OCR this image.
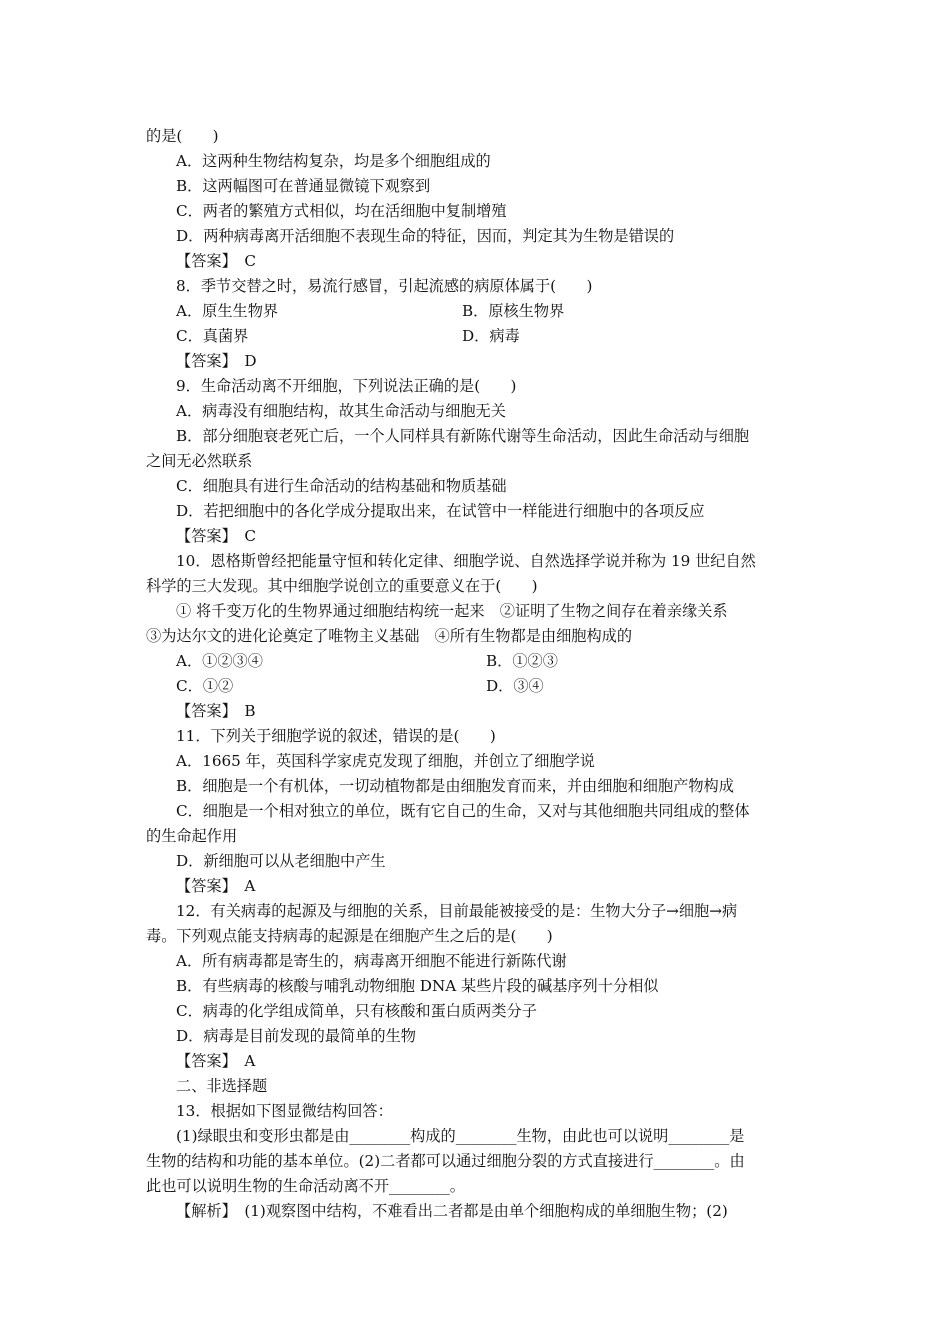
的是(　　)
A．这两种生物结构复杂，均是多个细胞组成的
B．这两幅图可在普通显微镜下观察到
C．两者的繁殖方式相似，均在活细胞中复制增殖
D．两种病毒离开活细胞不表现生命的特征，因而，判定其为生物是错误的
【答案】　C
8．季节交替之时，易流行感冒，引起流感的病原体属于(　　)
A．原生生物界	B．原核生物界
C．真菌界	D．病毒
【答案】　D
9．生命活动离不开细胞，下列说法正确的是(　　)
A．病毒没有细胞结构，故其生命活动与细胞无关
B．部分细胞衰老死亡后，一个人同样具有新陈代谢等生命活动，因此生命活动与细胞
之间无必然联系
C．细胞具有进行生命活动的结构基础和物质基础
D．若把细胞中的各化学成分提取出来，在试管中一样能进行细胞中的各项反应
【答案】　C
10．恩格斯曾经把能量守恒和转化定律、细胞学说、自然选择学说并称为 19 世纪自然
科学的三大发现。其中细胞学说创立的重要意义在于(　　)
① 将千变万化的生物界通过细胞结构统一起来　②证明了生物之间存在着亲缘关系
③为达尔文的进化论奠定了唯物主义基础　④所有生物都是由细胞构成的
A．①②③④	B．①②③
C．①②	D．③④
【答案】　B
11．下列关于细胞学说的叙述，错误的是(　　)
A．1665 年，英国科学家虎克发现了细胞，并创立了细胞学说
B．细胞是一个有机体，一切动植物都是由细胞发育而来，并由细胞和细胞产物构成
C．细胞是一个相对独立的单位，既有它自己的生命，又对与其他细胞共同组成的整体
的生命起作用
D．新细胞可以从老细胞中产生
【答案】　A
12．有关病毒的起源及与细胞的关系，目前最能被接受的是：生物大分子→细胞→病
毒。下列观点能支持病毒的起源是在细胞产生之后的是(　　)
A．所有病毒都是寄生的，病毒离开细胞不能进行新陈代谢
B．有些病毒的核酸与哺乳动物细胞 DNA 某些片段的碱基序列十分相似
C．病毒的化学组成简单，只有核酸和蛋白质两类分子
D．病毒是目前发现的最简单的生物
【答案】　A
二、非选择题
13．根据如下图显微结构回答：
(1)绿眼虫和变形虫都是由________构成的________生物，由此也可以说明________是
生物的结构和功能的基本单位。(2)二者都可以通过细胞分裂的方式直接进行________。由
此也可以说明生物的生命活动离不开________。
【解析】　(1)观察图中结构，不难看出二者都是由单个细胞构成的单细胞生物；(2)
